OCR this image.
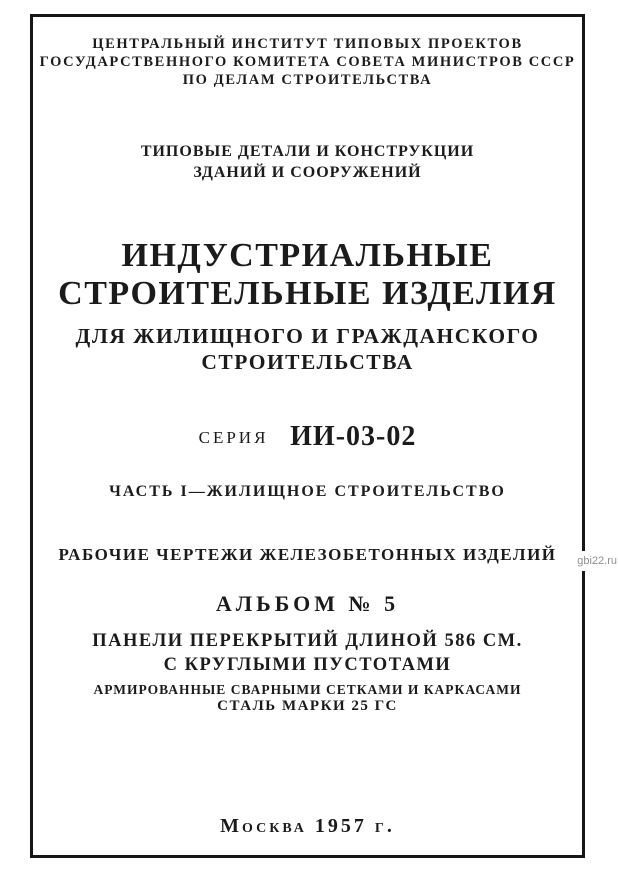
ЦЕНТРАЛЬНЫЙ ИНСТИТУТ ТИПОВЫХ ПРОЕКТОВ
ГОСУДАРСТВЕННОГО КОМИТЕТА СОВЕТА МИНИСТРОВ СССР
ПО ДЕЛАМ СТРОИТЕЛЬСТВА
ТИПОВЫЕ ДЕТАЛИ И КОНСТРУКЦИИ
ЗДАНИЙ И СООРУЖЕНИЙ
ИНДУСТРИАЛЬНЫЕ
СТРОИТЕЛЬНЫЕ ИЗДЕЛИЯ
ДЛЯ ЖИЛИЩНОГО И ГРАЖДАНСКОГО
СТРОИТЕЛЬСТВА
СЕРИЯ ИИ-03-02
ЧАСТЬ I—ЖИЛИЩНОЕ СТРОИТЕЛЬСТВО
РАБОЧИЕ ЧЕРТЕЖИ ЖЕЛЕЗОБЕТОННЫХ ИЗДЕЛИЙ
АЛЬБОМ № 5
ПАНЕЛИ ПЕРЕКРЫТИЙ ДЛИНОЙ 586 СМ.
С КРУГЛЫМИ ПУСТОТАМИ
АРМИРОВАННЫЕ СВАРНЫМИ СЕТКАМИ И КАРКАСАМИ
СТАЛЬ МАРКИ 25 ГС
Москва 1957 г.
gbi22.ru
